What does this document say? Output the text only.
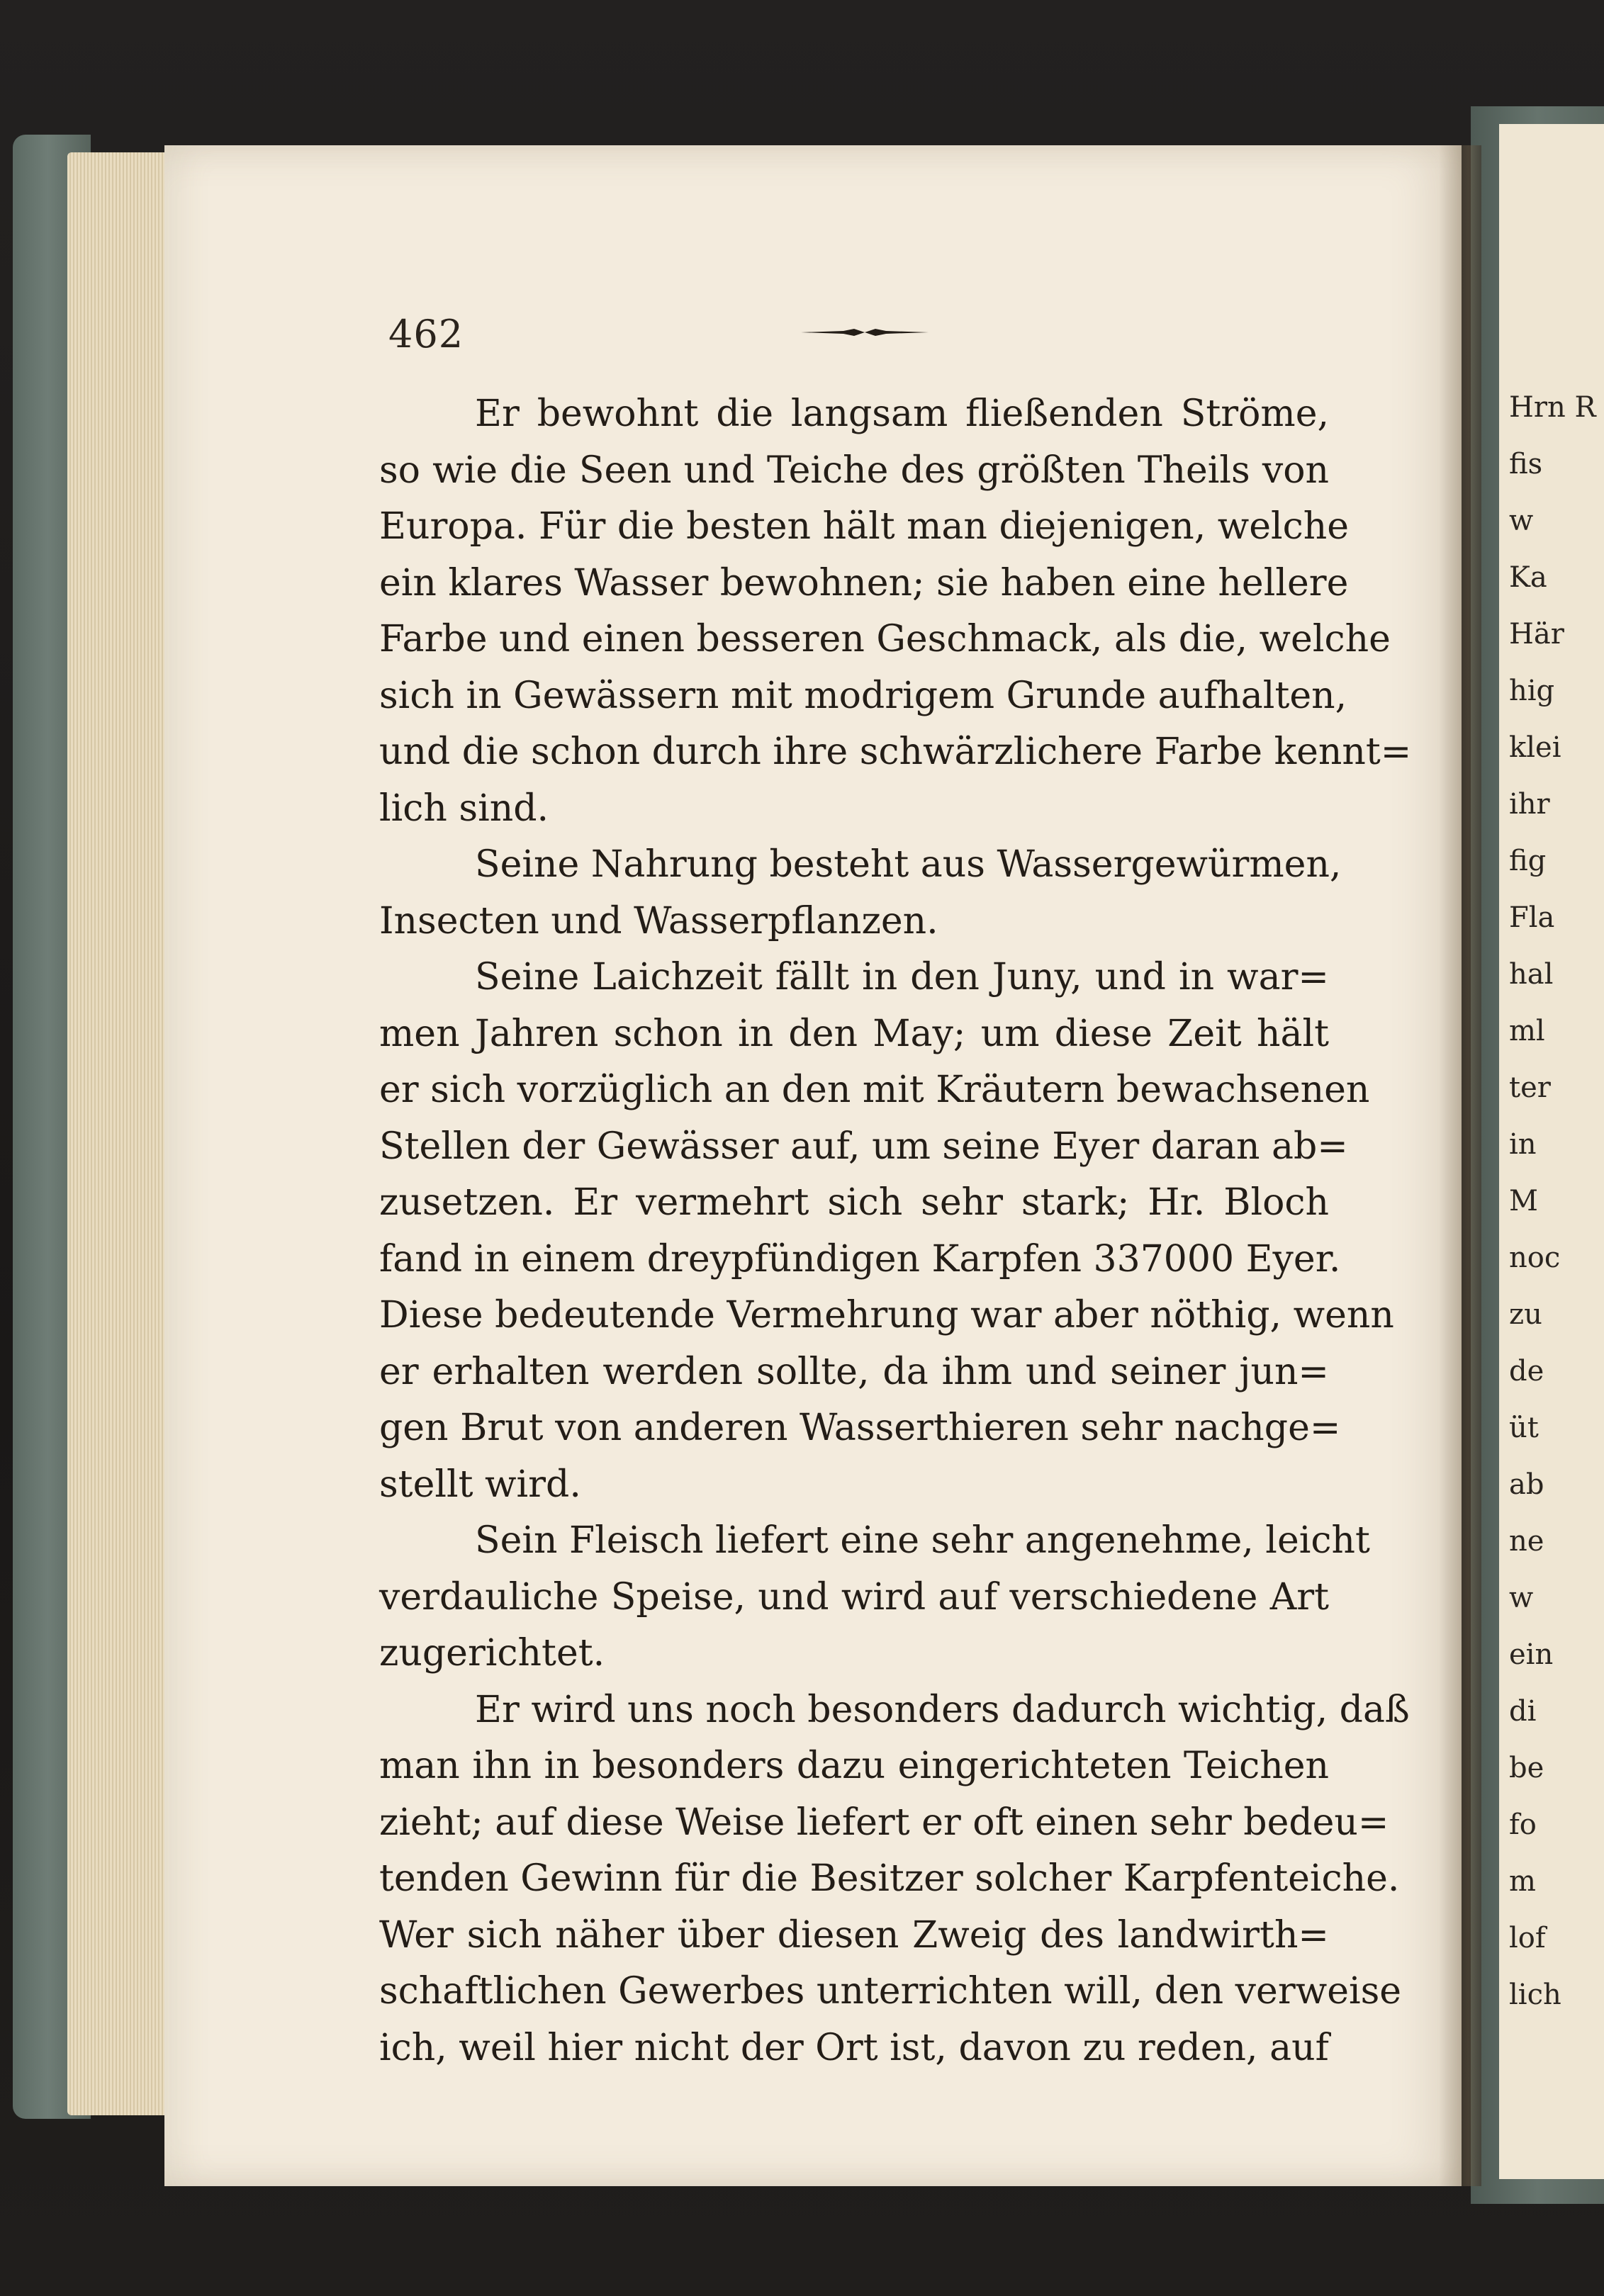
Hrn R
fis
w
Ka
Här
hig
klei
ihr
fig
Fla
hal
ml
ter
in
M
noc
zu
de
üt
ab
ne
w
ein
di
be
fo
m
lof
lich
462
Er bewohnt die langsam fließenden Ströme,
so wie die Seen und Teiche des größten Theils von
Europa. Für die besten hält man diejenigen, welche
ein klares Wasser bewohnen; sie haben eine hellere
Farbe und einen besseren Geschmack, als die, welche
sich in Gewässern mit modrigem Grunde aufhalten,
und die schon durch ihre schwärzlichere Farbe kennt=
lich sind.
Seine Nahrung besteht aus Wassergewürmen,
Insecten und Wasserpflanzen.
Seine Laichzeit fällt in den Juny, und in war=
men Jahren schon in den May; um diese Zeit hält
er sich vorzüglich an den mit Kräutern bewachsenen
Stellen der Gewässer auf, um seine Eyer daran ab=
zusetzen. Er vermehrt sich sehr stark; Hr. Bloch
fand in einem dreypfündigen Karpfen 337000 Eyer.
Diese bedeutende Vermehrung war aber nöthig, wenn
er erhalten werden sollte, da ihm und seiner jun=
gen Brut von anderen Wasserthieren sehr nachge=
stellt wird.
Sein Fleisch liefert eine sehr angenehme, leicht
verdauliche Speise, und wird auf verschiedene Art
zugerichtet.
Er wird uns noch besonders dadurch wichtig, daß
man ihn in besonders dazu eingerichteten Teichen
zieht; auf diese Weise liefert er oft einen sehr bedeu=
tenden Gewinn für die Besitzer solcher Karpfenteiche.
Wer sich näher über diesen Zweig des landwirth=
schaftlichen Gewerbes unterrichten will, den verweise
ich, weil hier nicht der Ort ist, davon zu reden, auf
